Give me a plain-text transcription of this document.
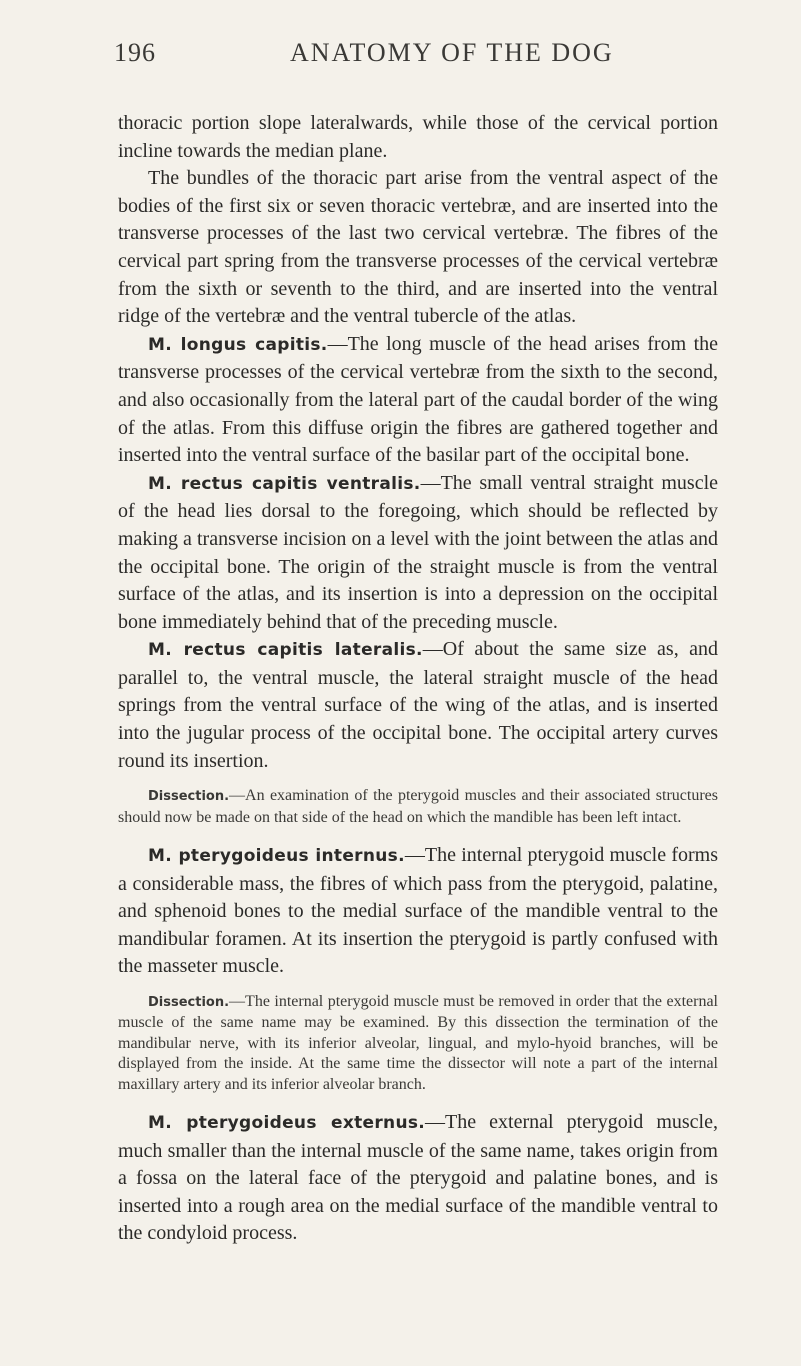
196	ANATOMY OF THE DOG

thoracic portion slope lateralwards, while those of the cervical portion incline towards the median plane.

The bundles of the thoracic part arise from the ventral aspect of the bodies of the first six or seven thoracic vertebræ, and are inserted into the transverse processes of the last two cervical vertebræ. The fibres of the cervical part spring from the transverse processes of the cervical vertebræ from the sixth or seventh to the third, and are inserted into the ventral ridge of the vertebræ and the ventral tubercle of the atlas.

M. longus capitis.—The long muscle of the head arises from the transverse processes of the cervical vertebræ from the sixth to the second, and also occasionally from the lateral part of the caudal border of the wing of the atlas. From this diffuse origin the fibres are gathered together and inserted into the ventral surface of the basilar part of the occipital bone.

M. rectus capitis ventralis.—The small ventral straight muscle of the head lies dorsal to the foregoing, which should be reflected by making a transverse incision on a level with the joint between the atlas and the occipital bone. The origin of the straight muscle is from the ventral surface of the atlas, and its insertion is into a depression on the occipital bone immediately behind that of the preceding muscle.

M. rectus capitis lateralis.—Of about the same size as, and parallel to, the ventral muscle, the lateral straight muscle of the head springs from the ventral surface of the wing of the atlas, and is inserted into the jugular process of the occipital bone. The occipital artery curves round its insertion.

Dissection.—An examination of the pterygoid muscles and their associated structures should now be made on that side of the head on which the mandible has been left intact.

M. pterygoideus internus.—The internal pterygoid muscle forms a considerable mass, the fibres of which pass from the pterygoid, palatine, and sphenoid bones to the medial surface of the mandible ventral to the mandibular foramen. At its insertion the pterygoid is partly confused with the masseter muscle.

Dissection.—The internal pterygoid muscle must be removed in order that the external muscle of the same name may be examined. By this dissection the termination of the mandibular nerve, with its inferior alveolar, lingual, and mylo-hyoid branches, will be displayed from the inside. At the same time the dissector will note a part of the internal maxillary artery and its inferior alveolar branch.

M. pterygoideus externus.—The external pterygoid muscle, much smaller than the internal muscle of the same name, takes origin from a fossa on the lateral face of the pterygoid and palatine bones, and is inserted into a rough area on the medial surface of the mandible ventral to the condyloid process.
